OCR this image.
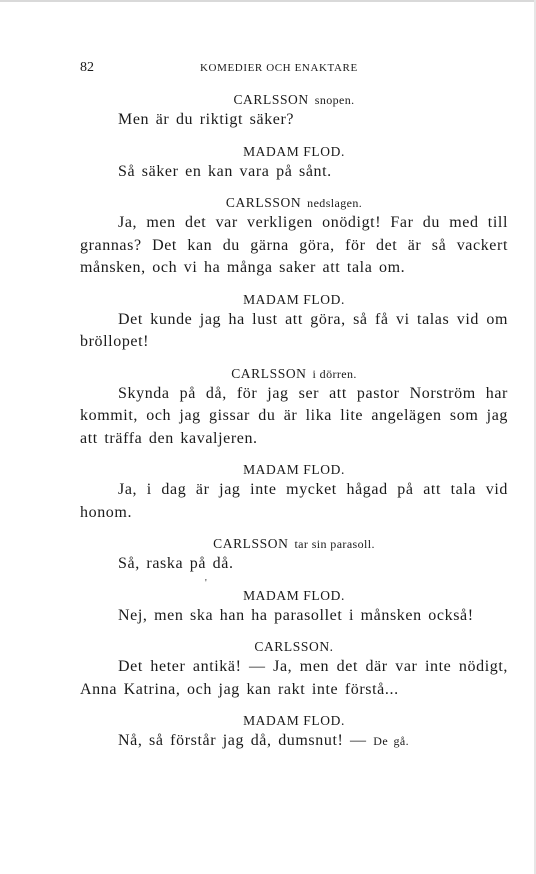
82	KOMEDIER OCH ENAKTARE
CARLSSON snopen.

Men är du riktigt säker?

MADAM FLOD.

Så säker en kan vara på sånt.

CARLSSON nedslagen.

Ja, men det var verkligen onödigt! Far du med till grannas? Det kan du gärna göra, för det är så vackert månsken, och vi ha många saker att tala om.

MADAM FLOD.

Det kunde jag ha lust att göra, så få vi talas vid om bröllopet!

CARLSSON i dörren.

Skynda på då, för jag ser att pastor Norström har kommit, och jag gissar du är lika lite angelägen som jag att träffa den kavaljeren.

MADAM FLOD.

Ja, i dag är jag inte mycket hågad på att tala vid honom.

CARLSSON tar sin parasoll.

Så, raska på då.

MADAM FLOD.

Nej, men ska han ha parasollet i månsken också!

CARLSSON.

Det heter antikä! — Ja, men det där var inte nödigt, Anna Katrina, och jag kan rakt inte förstå...

MADAM FLOD.

Nå, så förstår jag då, dumsnut! — De gå.

'
